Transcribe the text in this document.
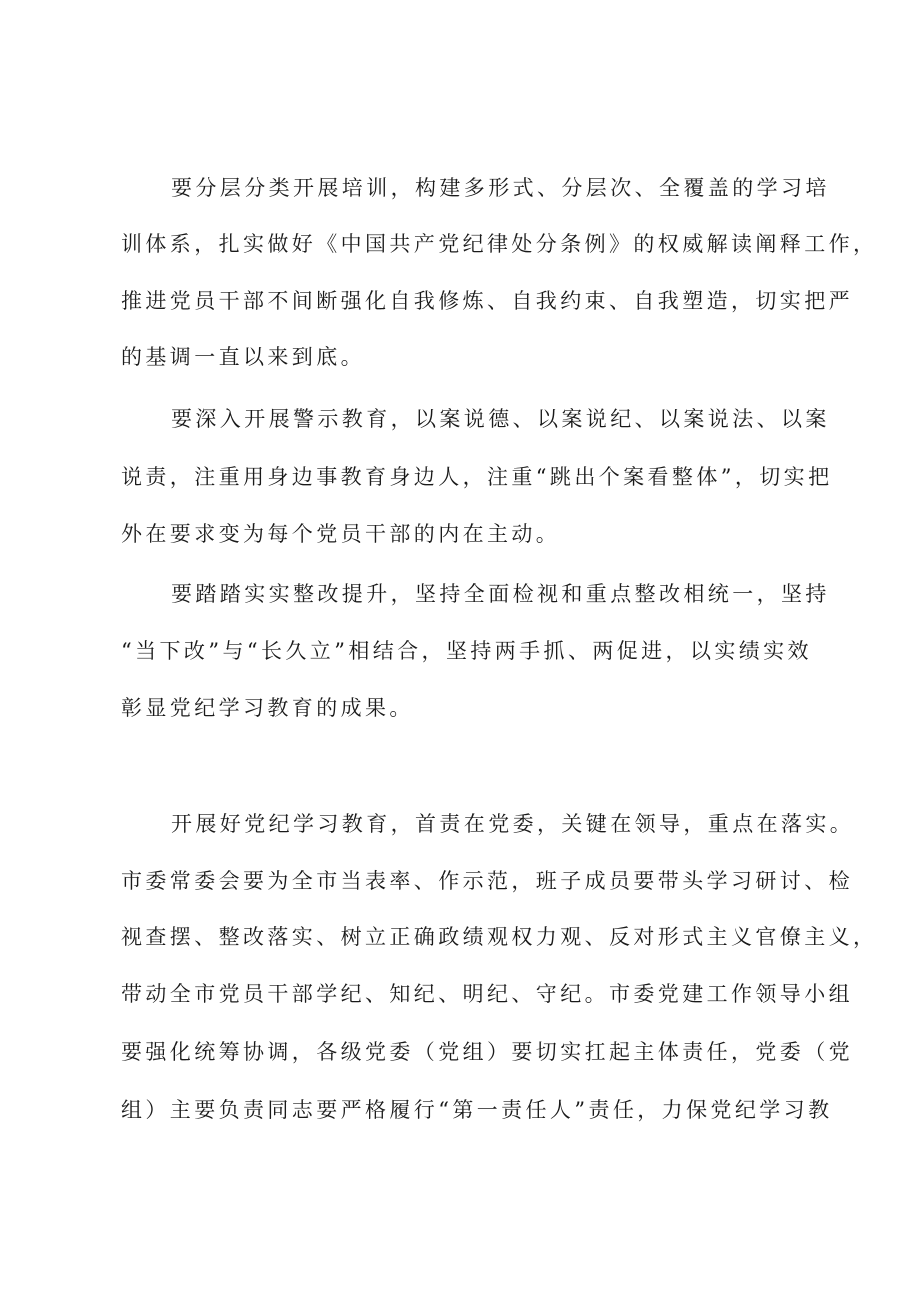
要分层分类开展培训，构建多形式、分层次、全覆盖的学习培

训体系，扎实做好《中国共产党纪律处分条例》的权威解读阐释工作，

推进党员干部不间断强化自我修炼、自我约束、自我塑造，切实把严

的基调一直以来到底。

要深入开展警示教育，以案说德、以案说纪、以案说法、以案

说责，注重用身边事教育身边人，注重“跳出个案看整体”，切实把

外在要求变为每个党员干部的内在主动。

要踏踏实实整改提升，坚持全面检视和重点整改相统一，坚持

“当下改”与“长久立”相结合，坚持两手抓、两促进，以实绩实效

彰显党纪学习教育的成果。

开展好党纪学习教育，首责在党委，关键在领导，重点在落实。

市委常委会要为全市当表率、作示范，班子成员要带头学习研讨、检

视查摆、整改落实、树立正确政绩观权力观、反对形式主义官僚主义，

带动全市党员干部学纪、知纪、明纪、守纪。市委党建工作领导小组

要强化统筹协调，各级党委（党组）要切实扛起主体责任，党委（党

组）主要负责同志要严格履行“第一责任人”责任，力保党纪学习教
